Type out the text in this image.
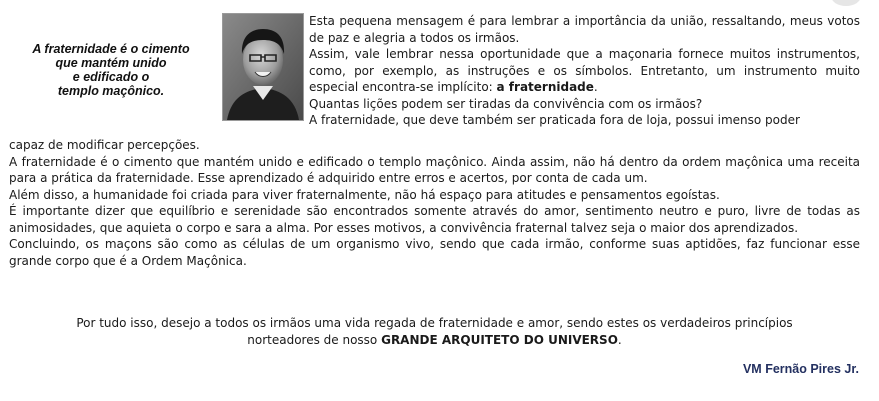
A fraternidade é o cimento
que mantém unido
e edificado o
templo maçônico.

Esta pequena mensagem é para lembrar a importância da união, ressaltando, meus votos de paz e alegria a todos os irmãos.

Assim, vale lembrar nessa oportunidade que a maçonaria fornece muitos instrumentos, como, por exemplo, as instruções e os símbolos. Entretanto, um instrumento muito especial encontra-se implícito: a fraternidade.

Quantas lições podem ser tiradas da convivência com os irmãos?

A fraternidade, que deve também ser praticada fora de loja, possui imenso poder

capaz de modificar percepções.

A fraternidade é o cimento que mantém unido e edificado o templo maçônico. Ainda assim, não há dentro da ordem maçônica uma receita para a prática da fraternidade. Esse aprendizado é adquirido entre erros e acertos, por conta de cada um.

Além disso, a humanidade foi criada para viver fraternalmente, não há espaço para atitudes e pensamentos egoístas.

É importante dizer que equilíbrio e serenidade são encontrados somente através do amor, sentimento neutro e puro, livre de todas as animosidades, que aquieta o corpo e sara a alma. Por esses motivos, a convivência fraternal talvez seja o maior dos aprendizados.

Concluindo, os maçons são como as células de um organismo vivo, sendo que cada irmão, conforme suas aptidões, faz funcionar esse grande corpo que é a Ordem Maçônica.

Por tudo isso, desejo a todos os irmãos uma vida regada de fraternidade e amor, sendo estes os verdadeiros princípios
norteadores de nosso GRANDE ARQUITETO DO UNIVERSO.
VM Fernão Pires Jr.
